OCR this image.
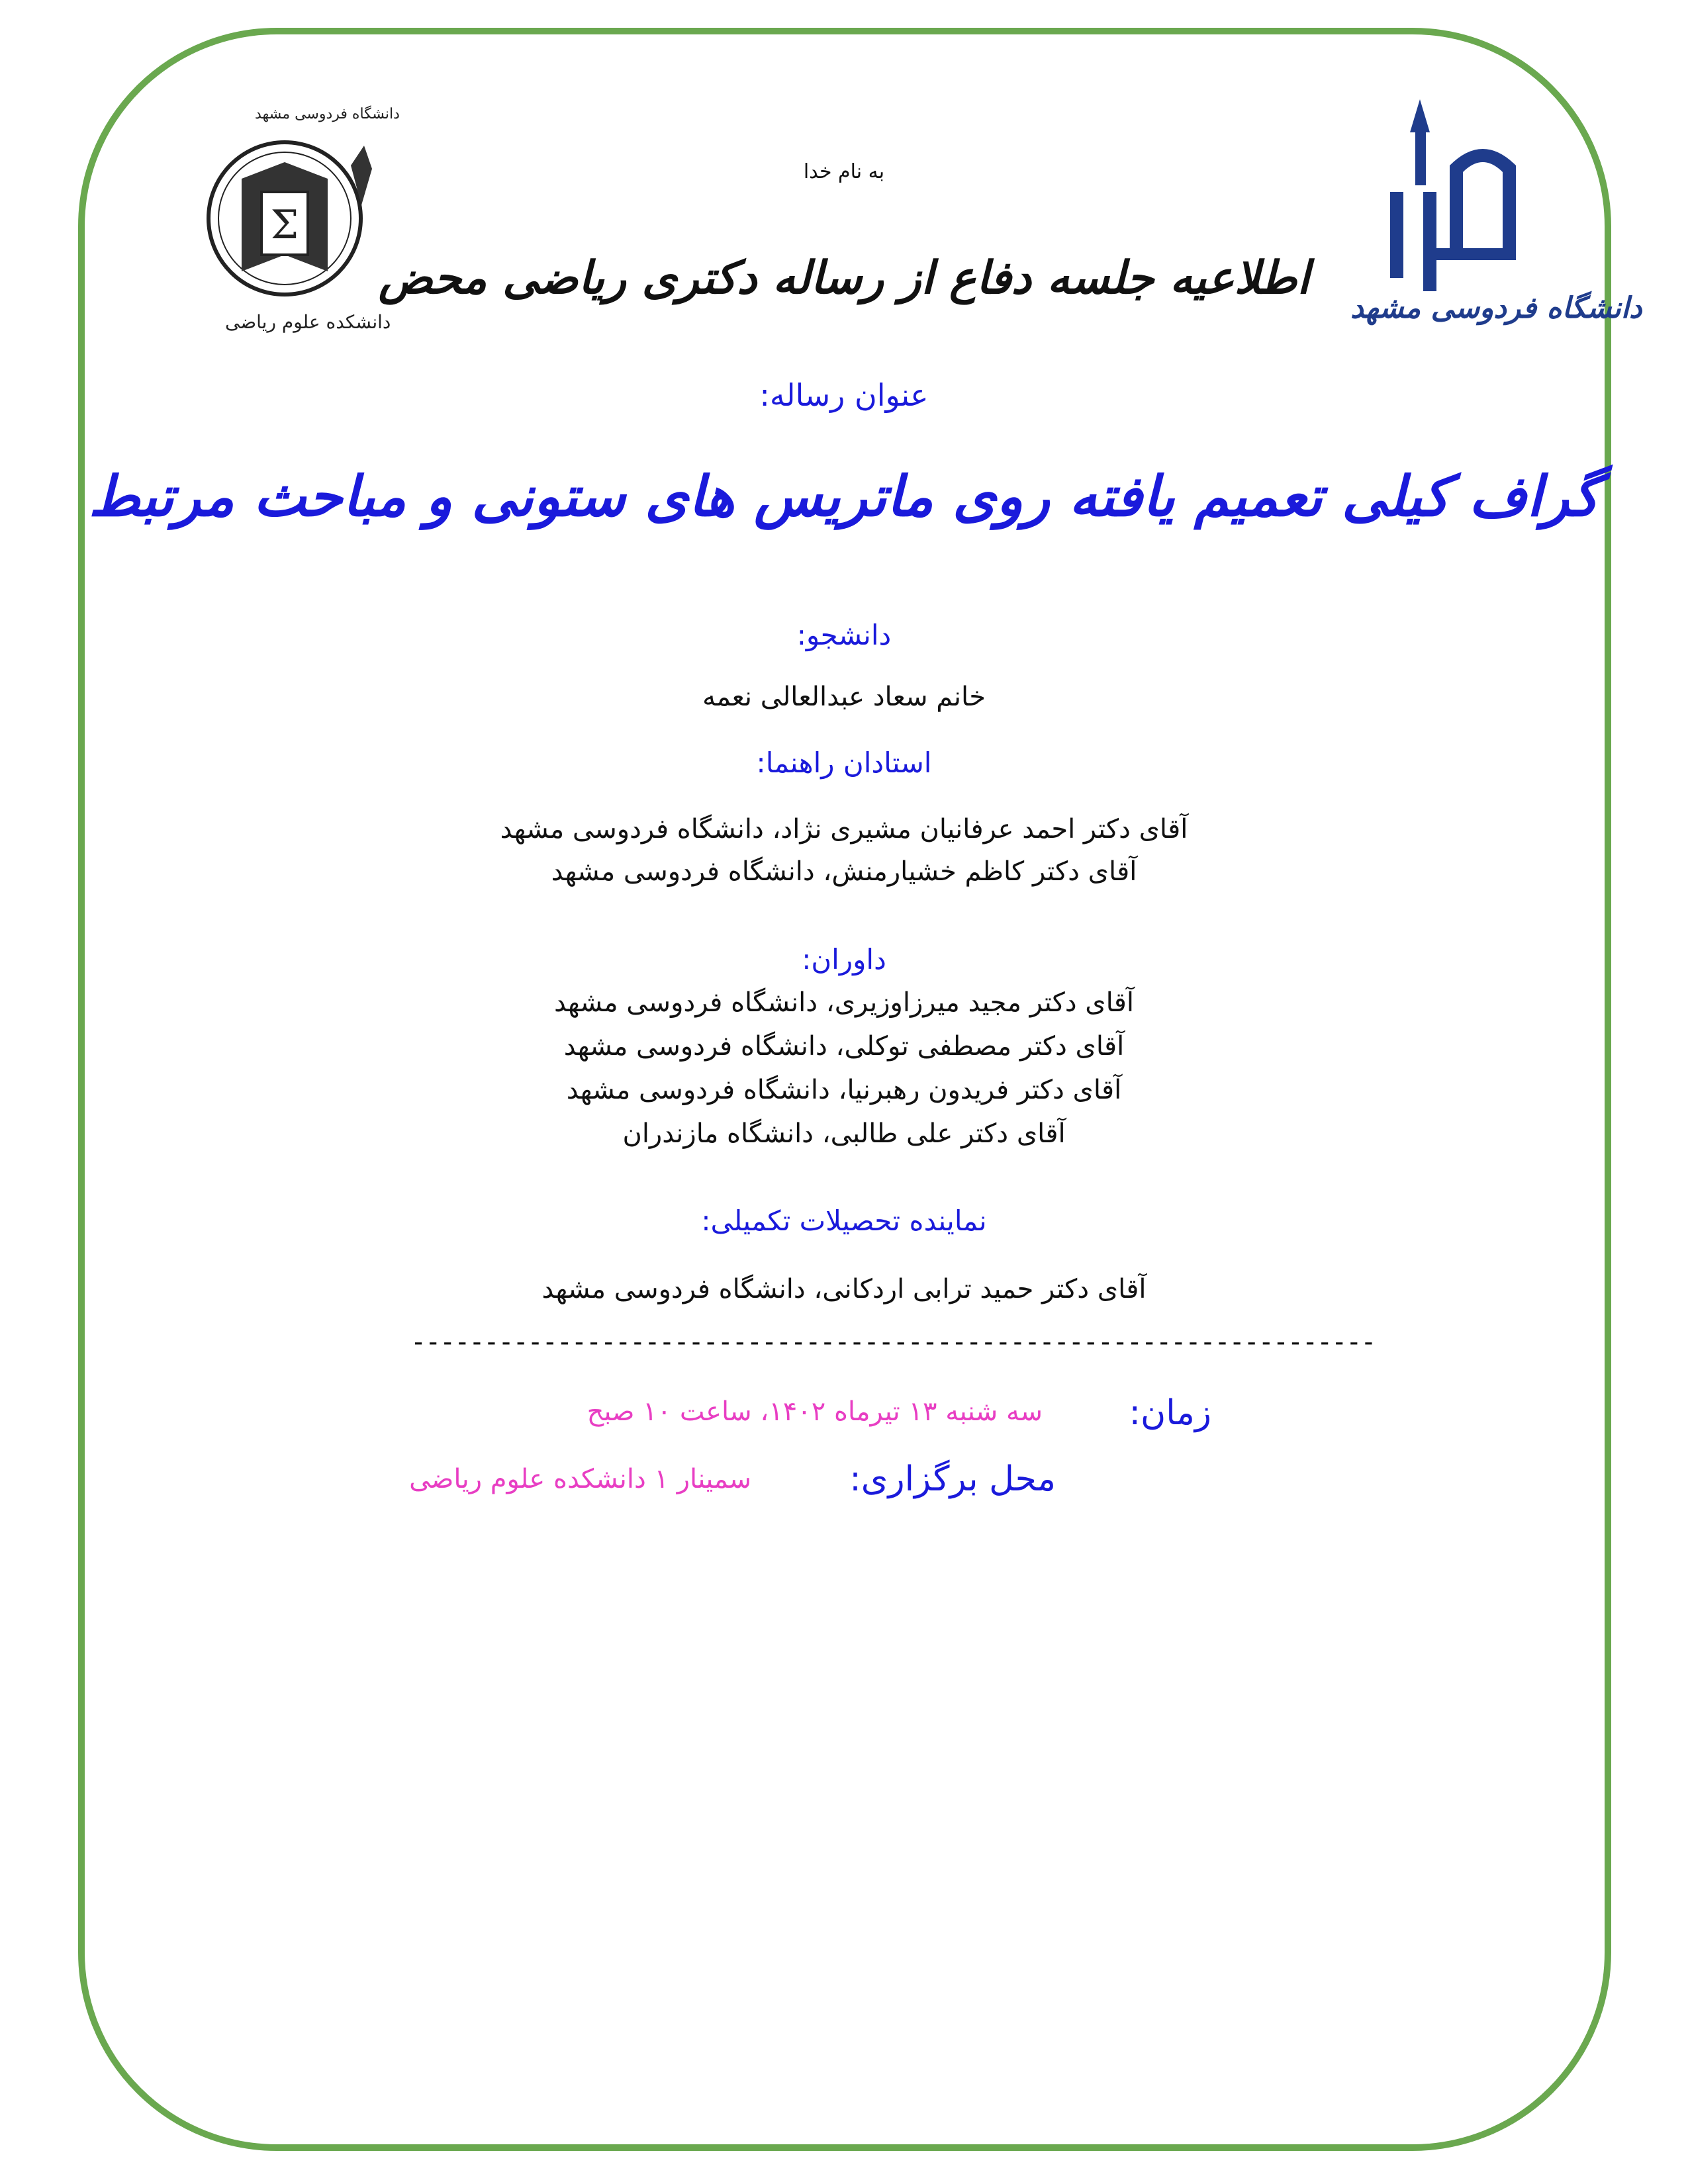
Σ
دانشکده علوم ریاضی
دانشگاه فردوسی مشهد
دانشگاه فردوسی مشهد
به نام خدا
اطلاعیه جلسه دفاع از رساله دکتری ریاضی محض
عنوان رساله:
گراف کیلی تعمیم یافته روی ماتریس های ستونی و مباحث مرتبط
دانشجو:
خانم سعاد عبدالعالی نعمه
استادان راهنما:
آقای دکتر احمد عرفانیان مشیری نژاد، دانشگاه فردوسی مشهد
آقای دکتر کاظم خشیارمنش، دانشگاه فردوسی مشهد
داوران:
آقای دکتر مجید میرزاوزیری، دانشگاه فردوسی مشهد
آقای دکتر مصطفی توکلی، دانشگاه فردوسی مشهد
آقای دکتر فریدون رهبرنیا، دانشگاه فردوسی مشهد
آقای دکتر علی طالبی، دانشگاه مازندران
نماینده تحصیلات تکمیلی:
آقای دکتر حمید ترابی اردکانی، دانشگاه فردوسی مشهد
------------------------------------------------------------------
زمان:
سه شنبه ۱۳ تیرماه ۱۴۰۲، ساعت ۱۰ صبح
محل برگزاری:
سمینار ۱ دانشکده علوم ریاضی
